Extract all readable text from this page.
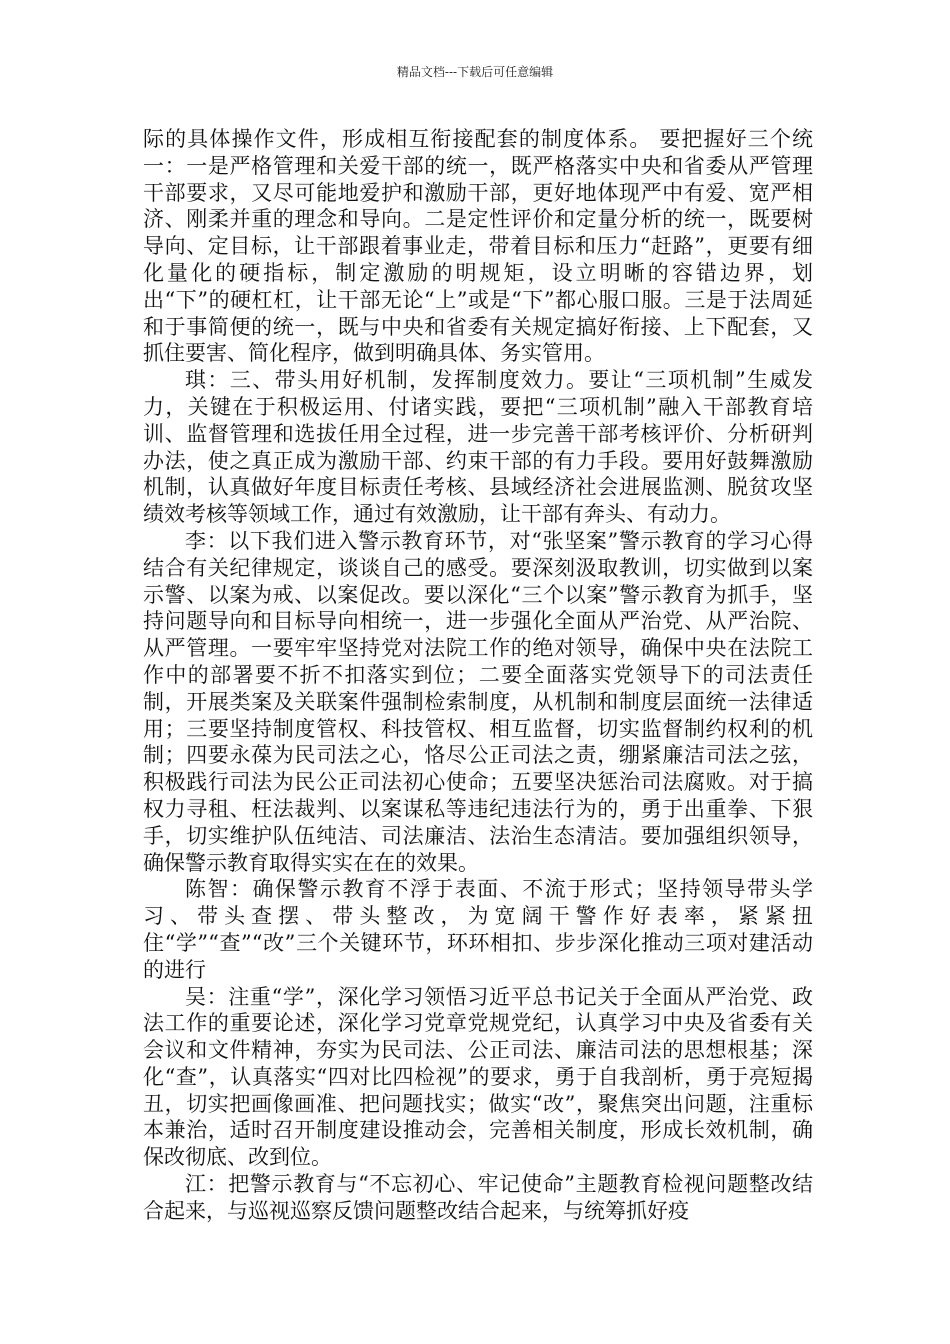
精品文档---下载后可任意编辑

际的具体操作文件，形成相互衔接配套的制度体系。 要把握好三个统一：一是严格管理和关爱干部的统一，既严格落实中央和省委从严管理干部要求，又尽可能地爱护和激励干部，更好地体现严中有爱、宽严相济、刚柔并重的理念和导向。二是定性评价和定量分析的统一，既要树导向、定目标，让干部跟着事业走，带着目标和压力“赶路”，更要有细化量化的硬指标，制定激励的明规矩，设立明晰的容错边界，划出“下”的硬杠杠，让干部无论“上”或是“下”都心服口服。三是于法周延和于事简便的统一，既与中央和省委有关规定搞好衔接、上下配套，又抓住要害、简化程序，做到明确具体、务实管用。

琪：三、带头用好机制，发挥制度效力。要让“三项机制”生威发力，关键在于积极运用、付诸实践，要把“三项机制”融入干部教育培训、监督管理和选拔任用全过程，进一步完善干部考核评价、分析研判办法，使之真正成为激励干部、约束干部的有力手段。要用好鼓舞激励机制，认真做好年度目标责任考核、县域经济社会进展监测、脱贫攻坚绩效考核等领域工作，通过有效激励，让干部有奔头、有动力。

李：以下我们进入警示教育环节，对“张坚案”警示教育的学习心得结合有关纪律规定，谈谈自己的感受。要深刻汲取教训，切实做到以案示警、以案为戒、以案促改。要以深化“三个以案”警示教育为抓手，坚持问题导向和目标导向相统一，进一步强化全面从严治党、从严治院、从严管理。一要牢牢坚持党对法院工作的绝对领导，确保中央在法院工作中的部署要不折不扣落实到位；二要全面落实党领导下的司法责任制，开展类案及关联案件强制检索制度，从机制和制度层面统一法律适用；三要坚持制度管权、科技管权、相互监督，切实监督制约权利的机制；四要永葆为民司法之心，恪尽公正司法之责，绷紧廉洁司法之弦，积极践行司法为民公正司法初心使命；五要坚决惩治司法腐败。对于搞权力寻租、枉法裁判、以案谋私等违纪违法行为的，勇于出重拳、下狠手，切实维护队伍纯洁、司法廉洁、法治生态清洁。要加强组织领导，确保警示教育取得实实在在的效果。

陈智：确保警示教育不浮于表面、不流于形式；坚持领导带头学习、带头查摆、带头整改，为宽阔干警作好表率，紧紧扭住“学”“查”“改”三个关键环节，环环相扣、步步深化推动三项对建活动的进行

吴：注重“学”，深化学习领悟习近平总书记关于全面从严治党、政法工作的重要论述，深化学习党章党规党纪，认真学习中央及省委有关会议和文件精神，夯实为民司法、公正司法、廉洁司法的思想根基；深化“查”，认真落实“四对比四检视”的要求，勇于自我剖析，勇于亮短揭丑，切实把画像画准、把问题找实；做实“改”，聚焦突出问题，注重标本兼治，适时召开制度建设推动会，完善相关制度，形成长效机制，确保改彻底、改到位。

江：把警示教育与“不忘初心、牢记使命”主题教育检视问题整改结合起来，与巡视巡察反馈问题整改结合起来，与统筹抓好疫
